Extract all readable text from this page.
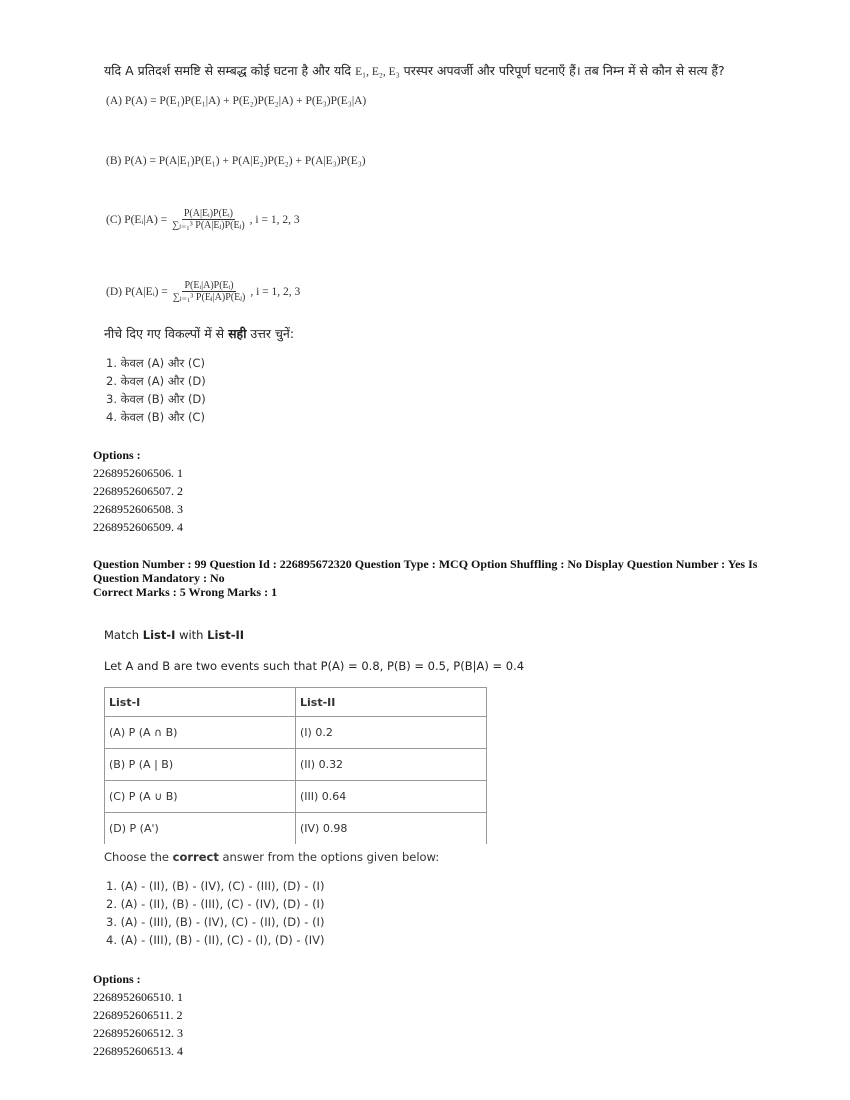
यदि A प्रतिदर्श समष्टि से सम्बद्ध कोई घटना है और यदि E₁, E₂, E₃ परस्पर अपवर्जी और परिपूर्ण घटनाएँ हैं। तब निम्न में से कौन से सत्य हैं?
(A) P(A) = P(E₁)P(E₁|A) + P(E₂)P(E₂|A) + P(E₃)P(E₃|A)
(B) P(A) = P(A|E₁)P(E₁) + P(A|E₂)P(E₂) + P(A|E₃)P(E₃)
(C) P(Eᵢ|A) = $\frac{\text{P(A|Eᵢ)P(Eᵢ)}}{\text{∑ⱼ₌₁³ P(A|Eⱼ)P(Eⱼ)}}$ , i = 1, 2, 3
(D) P(A|Eᵢ) = $\frac{\text{P(Eᵢ|A)P(Eᵢ)}}{\text{∑ⱼ₌₁³ P(Eⱼ|A)P(Eⱼ)}}$ , i = 1, 2, 3
नीचे दिए गए विकल्पों में से सही उत्तर चुनें:
1. केवल (A) और (C)
2. केवल (A) और (D)
3. केवल (B) और (D)
4. केवल (B) और (C)
Options :
2268952606506. 1
2268952606507. 2
2268952606508. 3
2268952606509. 4
Question Number : 99 Question Id : 226895672320 Question Type : MCQ Option Shuffling : No Display Question Number : Yes Is
Question Mandatory : No
Correct Marks : 5 Wrong Marks : 1
Match List-I with List-II
Let A and B are two events such that P(A) = 0.8, P(B) = 0.5, P(B|A) = 0.4
List-I	List-II
(A) P (A ∩ B)	(I) 0.2
(B) P (A | B)	(II) 0.32
(C) P (A ∪ B)	(III) 0.64
(D) P (A')	(IV) 0.98
Choose the correct answer from the options given below:
1. (A) - (II), (B) - (IV), (C) - (III), (D) - (I)
2. (A) - (II), (B) - (III), (C) - (IV), (D) - (I)
3. (A) - (III), (B) - (IV), (C) - (II), (D) - (I)
4. (A) - (III), (B) - (II), (C) - (I), (D) - (IV)
Options :
2268952606510. 1
2268952606511. 2
2268952606512. 3
2268952606513. 4
